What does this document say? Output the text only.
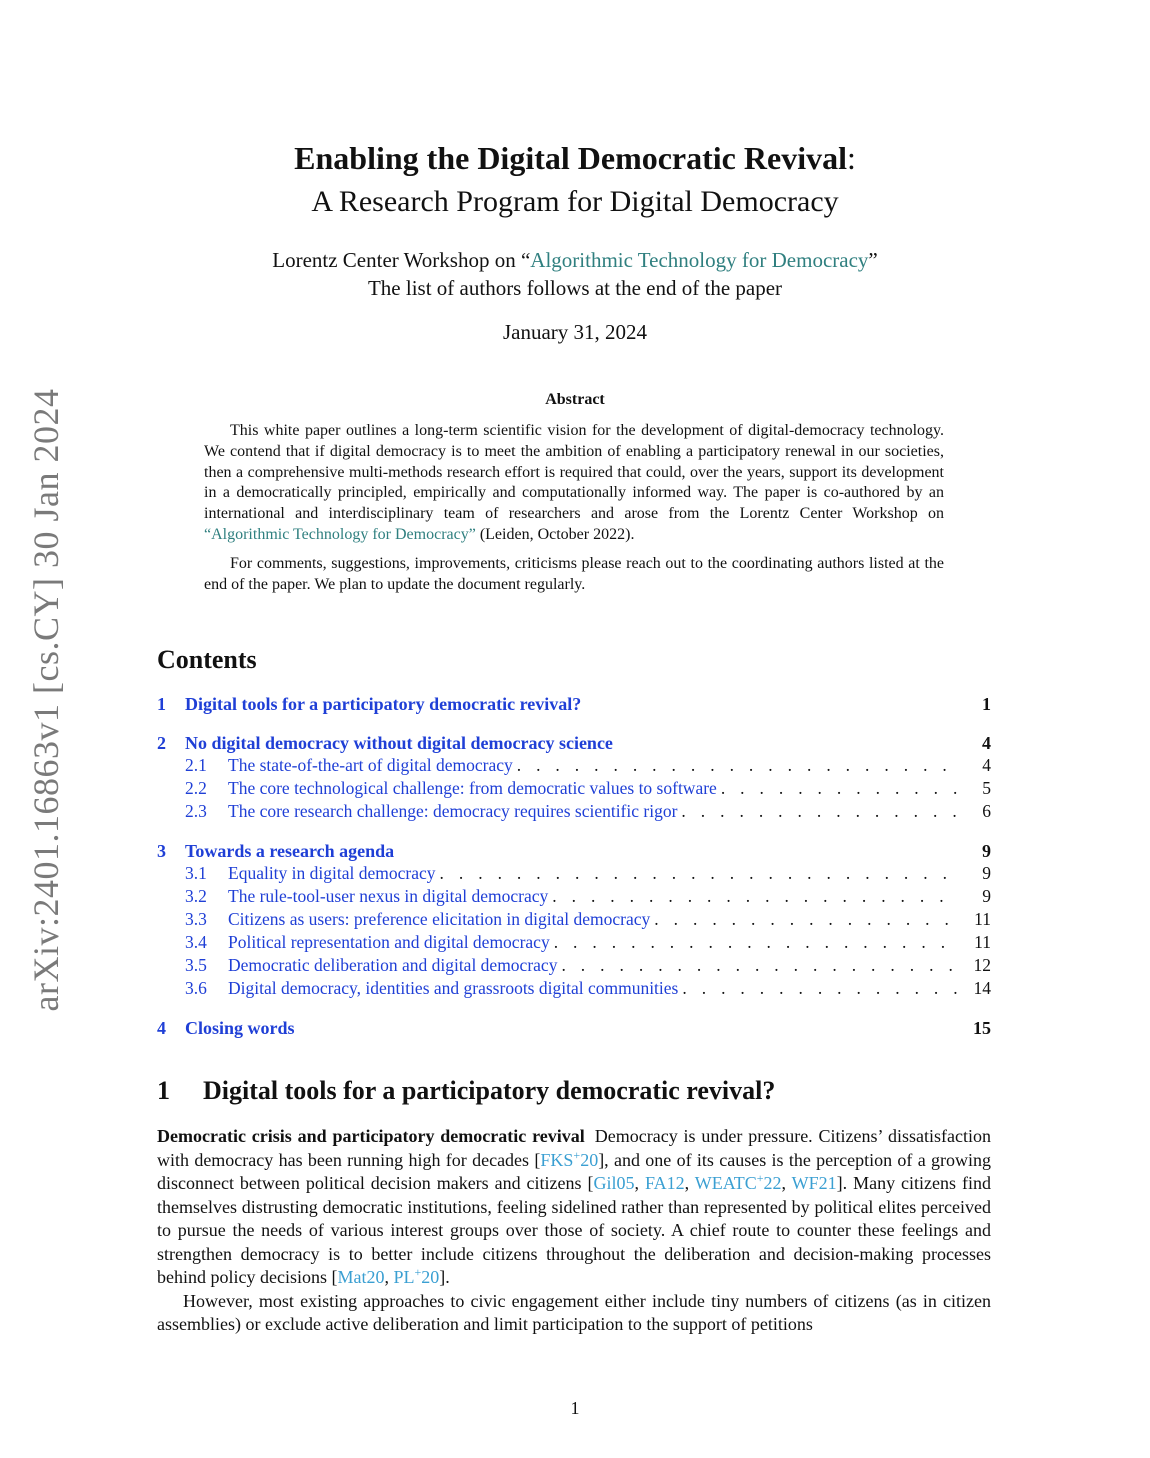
arXiv:2401.16863v1 [cs.CY] 30 Jan 2024
Enabling the Digital Democratic Revival:
A Research Program for Digital Democracy
Lorentz Center Workshop on “Algorithmic Technology for Democracy”
The list of authors follows at the end of the paper
January 31, 2024
Abstract

This white paper outlines a long-term scientific vision for the development of digital-democracy technology. We contend that if digital democracy is to meet the ambition of enabling a participatory renewal in our societies, then a comprehensive multi-methods research effort is required that could, over the years, support its development in a democratically principled, empirically and computationally informed way. The paper is co-authored by an international and interdisciplinary team of researchers and arose from the Lorentz Center Workshop on “Algorithmic Technology for Democracy” (Leiden, October 2022).

For comments, suggestions, improvements, criticisms please reach out to the coordinating authors listed at the end of the paper. We plan to update the document regularly.

Contents
1 Digital tools for a participatory democratic revival?	1
2 No digital democracy without digital democracy science	4
2.1 The state-of-the-art of digital democracy . . .	4
2.2 The core technological challenge: from democratic values to software . . .	5
2.3 The core research challenge: democracy requires scientific rigor . . .	6
3 Towards a research agenda	9
3.1 Equality in digital democracy . . .	9
3.2 The rule-tool-user nexus in digital democracy . . .	9
3.3 Citizens as users: preference elicitation in digital democracy . . .	11
3.4 Political representation and digital democracy . . .	11
3.5 Democratic deliberation and digital democracy . . .	12
3.6 Digital democracy, identities and grassroots digital communities . . .	14
4 Closing words	15
1 Digital tools for a participatory democratic revival?

Democratic crisis and participatory democratic revival Democracy is under pressure. Citizens’ dissatisfaction with democracy has been running high for decades [FKS+20], and one of its causes is the perception of a growing disconnect between political decision makers and citizens [Gil05, FA12, WEATC+22, WF21]. Many citizens find themselves distrusting democratic institutions, feeling sidelined rather than represented by political elites perceived to pursue the needs of various interest groups over those of society. A chief route to counter these feelings and strengthen democracy is to better include citizens throughout the deliberation and decision-making processes behind policy decisions [Mat20, PL+20].

However, most existing approaches to civic engagement either include tiny numbers of citizens (as in citizen assemblies) or exclude active deliberation and limit participation to the support of petitions

1
